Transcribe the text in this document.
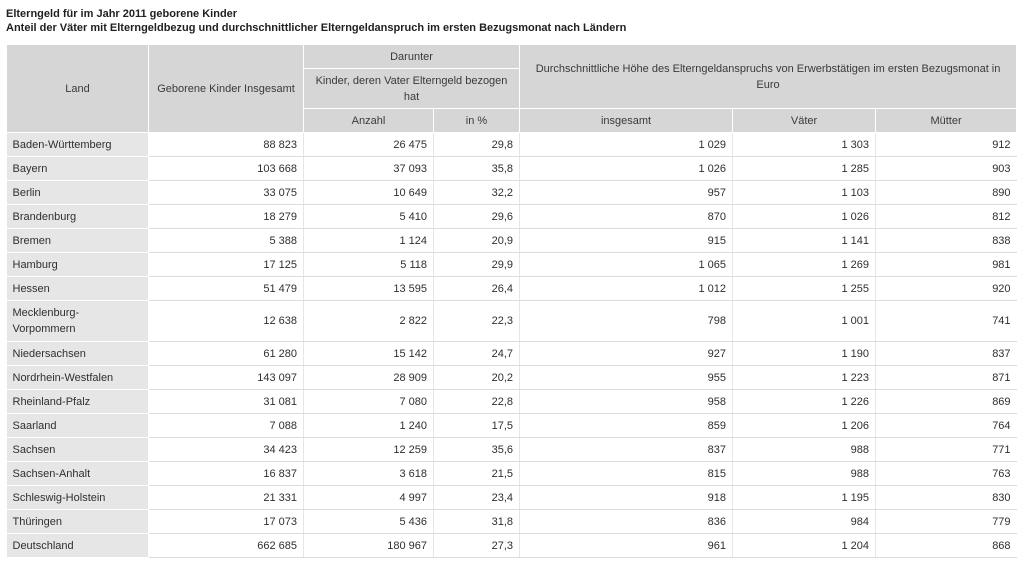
Elterngeld für im Jahr 2011 geborene Kinder
Anteil der Väter mit Elterngeldbezug und durchschnittlicher Elterngeldanspruch im ersten Bezugsmonat nach Ländern
Land	Geborene Kinder Insgesamt	Darunter		Durchschnittliche Höhe des Elterngeldanspruchs von Erwerbstätigen im ersten Bezugsmonat in Euro		
		Kinder, deren Vater Elterngeld bezogen hat				
		Anzahl	in %	insgesamt	Väter	Mütter
Baden-Württemberg	88 823	26 475	29,8	1 029	1 303	912
Bayern	103 668	37 093	35,8	1 026	1 285	903
Berlin	33 075	10 649	32,2	957	1 103	890
Brandenburg	18 279	5 410	29,6	870	1 026	812
Bremen	5 388	1 124	20,9	915	1 141	838
Hamburg	17 125	5 118	29,9	1 065	1 269	981
Hessen	51 479	13 595	26,4	1 012	1 255	920
Mecklenburg-Vorpommern	12 638	2 822	22,3	798	1 001	741
Niedersachsen	61 280	15 142	24,7	927	1 190	837
Nordrhein-Westfalen	143 097	28 909	20,2	955	1 223	871
Rheinland-Pfalz	31 081	7 080	22,8	958	1 226	869
Saarland	7 088	1 240	17,5	859	1 206	764
Sachsen	34 423	12 259	35,6	837	988	771
Sachsen-Anhalt	16 837	3 618	21,5	815	988	763
Schleswig-Holstein	21 331	4 997	23,4	918	1 195	830
Thüringen	17 073	5 436	31,8	836	984	779
Deutschland	662 685	180 967	27,3	961	1 204	868
